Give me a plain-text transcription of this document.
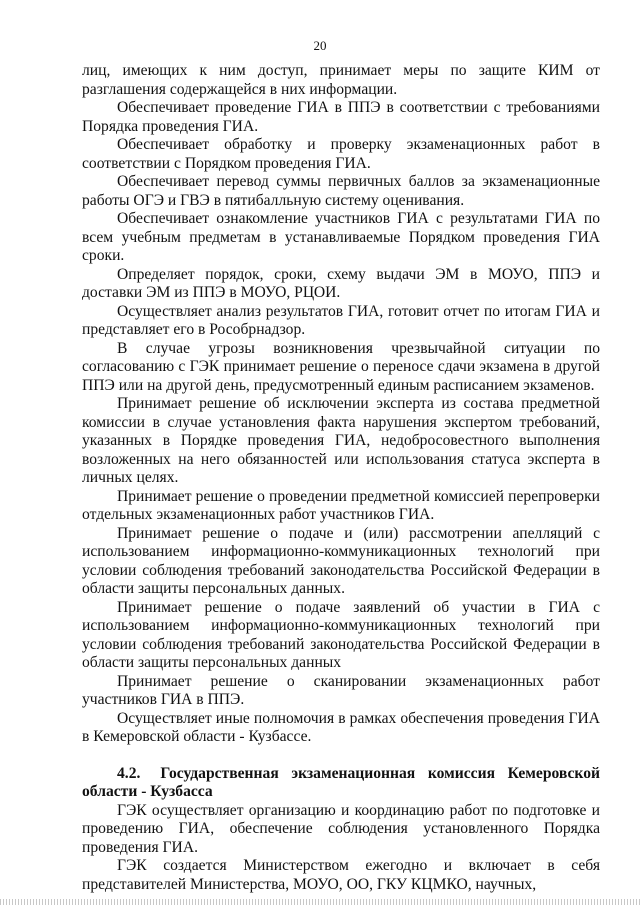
20

лиц, имеющих к ним доступ, принимает меры по защите КИМ от разглашения содержащейся в них информации.

Обеспечивает проведение ГИА в ППЭ в соответствии с требованиями Порядка проведения ГИА.

Обеспечивает обработку и проверку экзаменационных работ в соответствии с Порядком проведения ГИА.

Обеспечивает перевод суммы первичных баллов за экзаменационные работы ОГЭ и ГВЭ в пятибалльную систему оценивания.

Обеспечивает ознакомление участников ГИА с результатами ГИА по всем учебным предметам в устанавливаемые Порядком проведения ГИА сроки.

Определяет порядок, сроки, схему выдачи ЭМ в МОУО, ППЭ и доставки ЭМ из ППЭ в МОУО, РЦОИ.

Осуществляет анализ результатов ГИА, готовит отчет по итогам ГИА и представляет его в Рособрнадзор.

В случае угрозы возникновения чрезвычайной ситуации по согласованию с ГЭК принимает решение о переносе сдачи экзамена в другой ППЭ или на другой день, предусмотренный единым расписанием экзаменов.

Принимает решение об исключении эксперта из состава предметной комиссии в случае установления факта нарушения экспертом требований, указанных в Порядке проведения ГИА, недобросовестного выполнения возложенных на него обязанностей или использования статуса эксперта в личных целях.

Принимает решение о проведении предметной комиссией перепроверки отдельных экзаменационных работ участников ГИА.

Принимает решение о подаче и (или) рассмотрении апелляций с использованием информационно-коммуникационных технологий при условии соблюдения требований законодательства Российской Федерации в области защиты персональных данных.

Принимает решение о подаче заявлений об участии в ГИА с использованием информационно-коммуникационных технологий при условии соблюдения требований законодательства Российской Федерации в области защиты персональных данных

Принимает решение о сканировании экзаменационных работ участников ГИА в ППЭ.

Осуществляет иные полномочия в рамках обеспечения проведения ГИА в Кемеровской области - Кузбассе.

4.2. Государственная экзаменационная комиссия Кемеровской области - Кузбасса

ГЭК осуществляет организацию и координацию работ по подготовке и проведению ГИА, обеспечение соблюдения установленного Порядка проведения ГИА.

ГЭК создается Министерством ежегодно и включает в себя представителей Министерства, МОУО, ОО, ГКУ КЦМКО, научных,
